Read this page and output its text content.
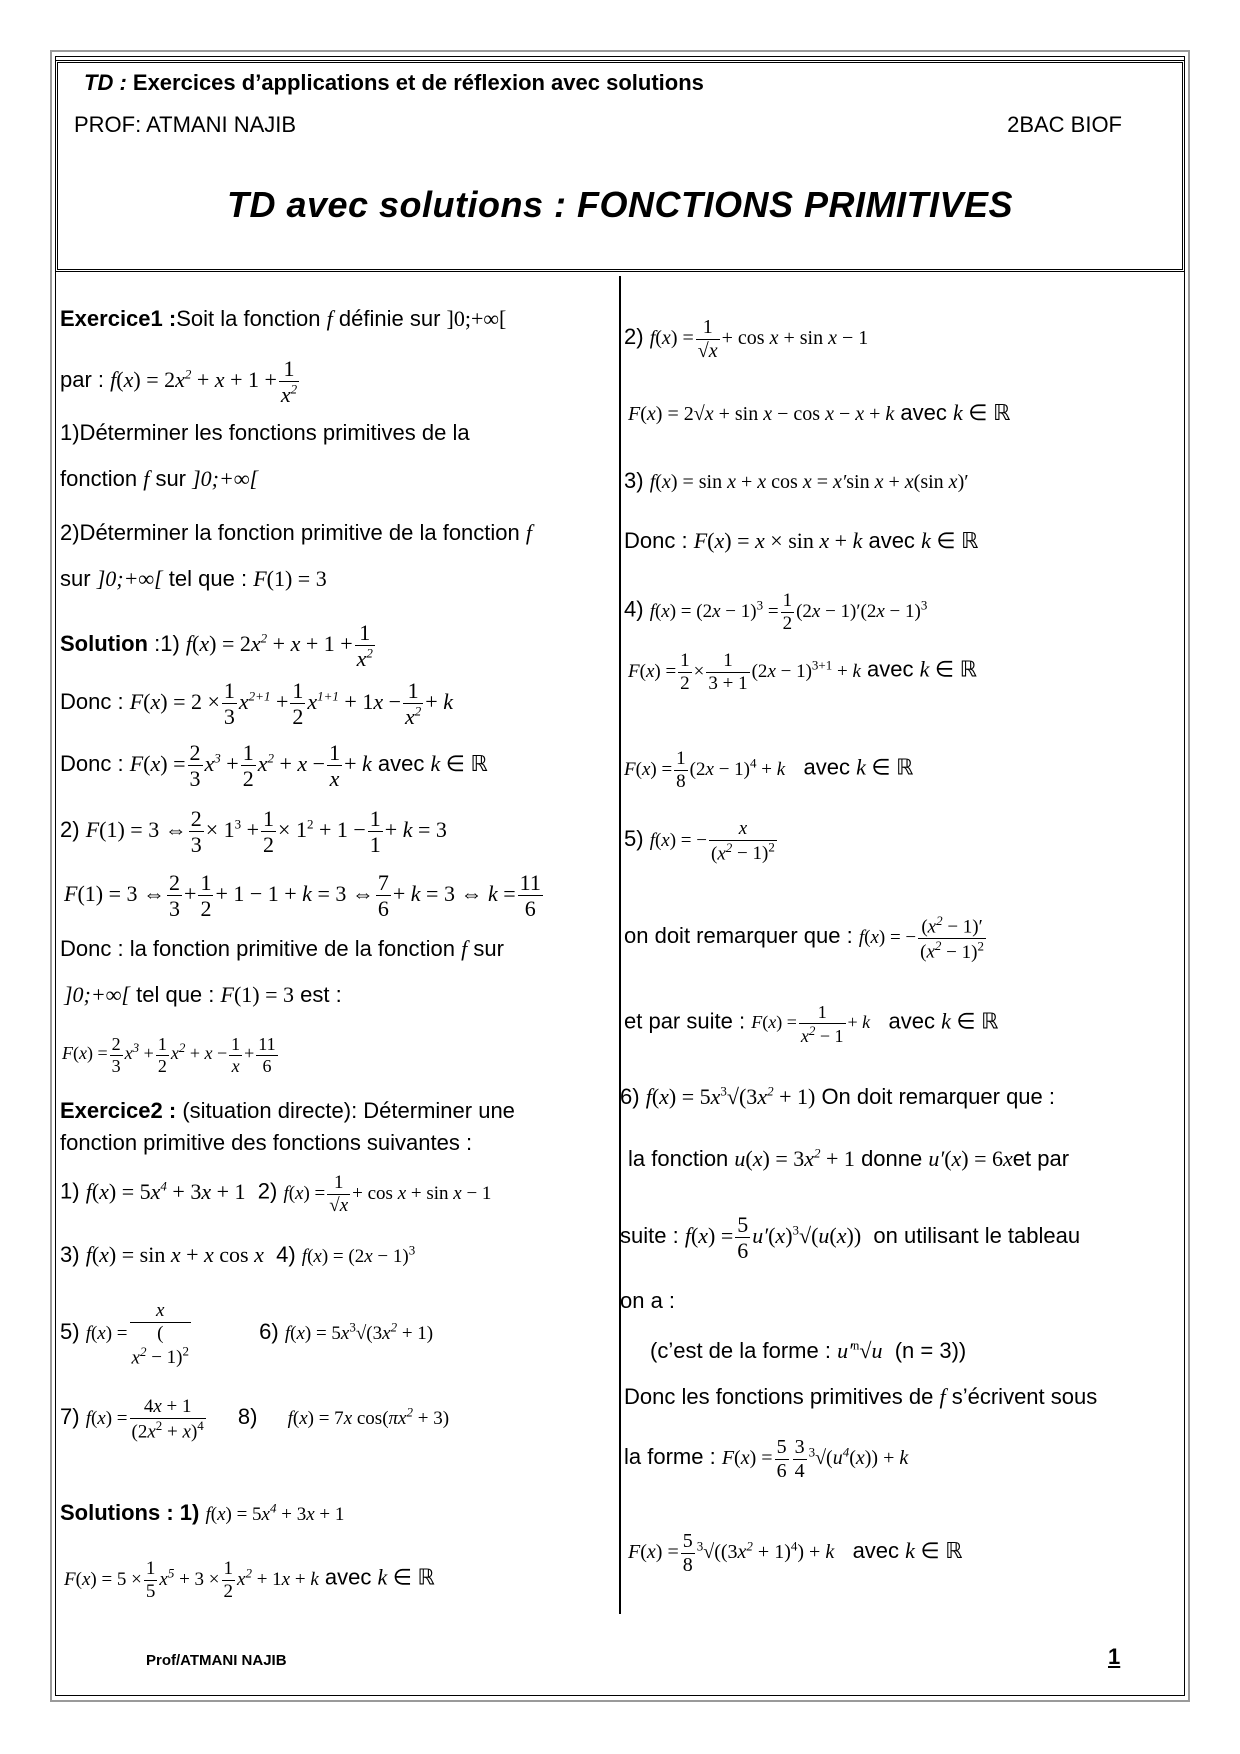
TD : Exercices d’applications et de réflexion avec solutions
PROF: ATMANI NAJIB	2BAC BIOF
TD avec solutions : FONCTIONS PRIMITIVES
Exercice1 :Soit la fonction f définie sur ]0;+∞[
par : $f(x) = 2x^2 + x + 1 + \frac{1}{x^2}$
1)Déterminer les fonctions primitives de la
fonction f sur ]0;+∞[
2)Déterminer la fonction primitive de la fonction f
sur ]0;+∞[ tel que : F(1) = 3
Solution :1) $f(x) = 2x^2 + x + 1 + \frac{1}{x^2}$
Donc : $F(x) = 2 \times \frac{1}{3} x^{2+1} + \frac{1}{2} x^{1+1} + 1x - \frac{1}{x^2} + k$
Donc : $F(x) = \frac{2}{3} x^3 + \frac{1}{2} x^2 + x - \frac{1}{x} + k$ avec k ∈ ℝ
2) F(1) = 3 ⇔ $\frac{2}{3} \times 1^3 + \frac{1}{2} \times 1^2 + 1 - \frac{1}{1} + k = 3$
F(1) = 3 ⇔ $\frac{2}{3} + \frac{1}{2} + 1 - 1 + k = 3$ ⇔ $\frac{7}{6} + k = 3$ ⇔ $k = \frac{11}{6}$
Donc : la fonction primitive de la fonction f sur
]0;+∞[ tel que : F(1) = 3 est :
$F(x) = \frac{2}{3} x^3 + \frac{1}{2} x^2 + x - \frac{1}{x} + \frac{11}{6}$
Exercice2 : (situation directe): Déterminer une
fonction primitive des fonctions suivantes :
1) $f(x) = 5x^4 + 3x + 1$ 2) $f(x) = \frac{1}{√x} + \cos x + \sin x - 1$
3) f(x) = sin x + x cos x 4) $f(x) = (2x - 1)^3$
5) f(x) =
x
(
$x^2 - 1)^2$
6) $f(x) = 5x^3√(3x^2 + 1)$
7) $f(x) = \frac{4x + 1}{(2x^2 + x)^4} 8$) f(x) = 7x $\cos(\pi x^2 + 3)$
Solutions : 1) $f(x) = 5x^4 + 3x + 1$
$F(x) = 5 \times \frac{1}{5} x^5 + 3 \times \frac{1}{2} x^2 + 1x + k$ avec k ∈ ℝ
2) $f(x) = \frac{1}{√x} + \cos x + \sin x - 1$
F(x) = 2√x + sin x − cos x − x + k avec k ∈ ℝ
3) f(x) = sin x + x cos x = x′sin x + x(sin x)′
Donc : F(x) = x × sin x + k avec k ∈ ℝ
4) $f(x) = (2x - 1)^3 = \frac{1}{2} (2x - 1)'(2x - 1)^3$
$F(x) = \frac{1}{2} \times \frac{1}{3 + 1} (2x - 1)^{3+1} + k$ avec k ∈ ℝ
$F(x) = \frac{1}{8} (2x - 1)^4 + k$ avec k ∈ ℝ
5) f(x) = − $\frac{x}{(x^2 - 1)^2}$
on doit remarquer que : f(x) = − $\frac{(x^2 - 1)'}{(x^2 - 1)^2}$
et par suite : $F(x) = \frac{1}{x^2 - 1} + k$ avec k ∈ ℝ
6) $f(x) = 5x^3√(3x^2 + 1)$ On doit remarquer que :
la fonction $u(x) = 3x^2 + 1$ donne u′(x) = 6xet par
suite : $f(x) = \frac{5}{6} u'(x)^3√(u(x))$ on utilisant le tableau
on a :
(c’est de la forme : $u'^n√u$ (n = 3))
Donc les fonctions primitives de f s’écrivent sous
la forme : $F(x) = \frac{5}{6} \frac{3}{4} ^3√(u^4(x)) + k$
$F(x) = \frac{5}{8} ^3√((3x^2 + 1)^4) + k$ avec k ∈ ℝ
Prof/ATMANI NAJIB	1
